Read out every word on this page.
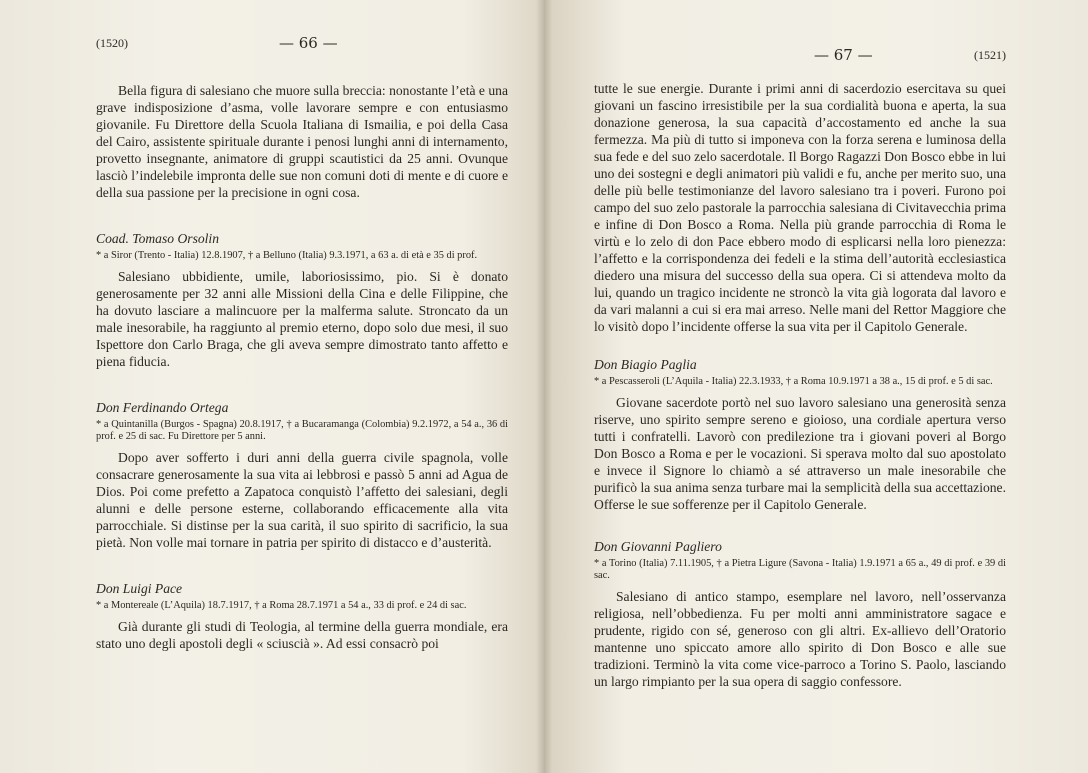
(1520)	— 66 —

Bella figura di salesiano che muore sulla breccia: nonostante l’età e una grave indisposizione d’asma, volle lavorare sempre e con entusiasmo giovanile. Fu Direttore della Scuola Italiana di Ismailia, e poi della Casa del Cairo, assistente spirituale durante i penosi lunghi anni di internamento, provetto insegnante, animatore di gruppi scautistici da 25 anni. Ovunque lasciò l’indelebile impronta delle sue non comuni doti di mente e di cuore e della sua passione per la precisione in ogni cosa.

Coad. Tomaso Orsolin
* a Siror (Trento - Italia) 12.8.1907, † a Belluno (Italia) 9.3.1971, a 63 a. di età e 35 di prof.

Salesiano ubbidiente, umile, laboriosissimo, pio. Si è donato generosamente per 32 anni alle Missioni della Cina e delle Filippine, che ha dovuto lasciare a malincuore per la malferma salute. Stroncato da un male inesorabile, ha raggiunto al premio eterno, dopo solo due mesi, il suo Ispettore don Carlo Braga, che gli aveva sempre dimostrato tanto affetto e piena fiducia.

Don Ferdinando Ortega
* a Quintanilla (Burgos - Spagna) 20.8.1917, † a Bucaramanga (Colombia) 9.2.1972, a 54 a., 36 di prof. e 25 di sac. Fu Direttore per 5 anni.

Dopo aver sofferto i duri anni della guerra civile spagnola, volle consacrare generosamente la sua vita ai lebbrosi e passò 5 anni ad Agua de Dios. Poi come prefetto a Zapatoca conquistò l’affetto dei salesiani, degli alunni e delle persone esterne, collaborando efficacemente alla vita parrocchiale. Si distinse per la sua carità, il suo spirito di sacrificio, la sua pietà. Non volle mai tornare in patria per spirito di distacco e d’austerità.

Don Luigi Pace
* a Montereale (L’Aquila) 18.7.1917, † a Roma 28.7.1971 a 54 a., 33 di prof. e 24 di sac.

Già durante gli studi di Teologia, al termine della guerra mondiale, era stato uno degli apostoli degli « sciuscià ». Ad essi consacrò poi

— 67 —	(1521)

tutte le sue energie. Durante i primi anni di sacerdozio esercitava su quei giovani un fascino irresistibile per la sua cordialità buona e aperta, la sua donazione generosa, la sua capacità d’accostamento ed anche la sua fermezza. Ma più di tutto si imponeva con la forza serena e luminosa della sua fede e del suo zelo sacerdotale. Il Borgo Ragazzi Don Bosco ebbe in lui uno dei sostegni e degli animatori più validi e fu, anche per merito suo, una delle più belle testimonianze del lavoro salesiano tra i poveri. Furono poi campo del suo zelo pastorale la parrocchia salesiana di Civitavecchia prima e infine di Don Bosco a Roma. Nella più grande parrocchia di Roma le virtù e lo zelo di don Pace ebbero modo di esplicarsi nella loro pienezza: l’affetto e la corrispondenza dei fedeli e la stima dell’autorità ecclesiastica diedero una misura del successo della sua opera. Ci si attendeva molto da lui, quando un tragico incidente ne stroncò la vita già logorata dal lavoro e da vari malanni a cui si era mai arreso. Nelle mani del Rettor Maggiore che lo visitò dopo l’incidente offerse la sua vita per il Capitolo Generale.

Don Biagio Paglia
* a Pescasseroli (L’Aquila - Italia) 22.3.1933, † a Roma 10.9.1971 a 38 a., 15 di prof. e 5 di sac.

Giovane sacerdote portò nel suo lavoro salesiano una generosità senza riserve, uno spirito sempre sereno e gioioso, una cordiale apertura verso tutti i confratelli. Lavorò con predilezione tra i giovani poveri al Borgo Don Bosco a Roma e per le vocazioni. Si sperava molto dal suo apostolato e invece il Signore lo chiamò a sé attraverso un male inesorabile che purificò la sua anima senza turbare mai la semplicità della sua accettazione. Offerse le sue sofferenze per il Capitolo Generale.

Don Giovanni Pagliero
* a Torino (Italia) 7.11.1905, † a Pietra Ligure (Savona - Italia) 1.9.1971 a 65 a., 49 di prof. e 39 di sac.

Salesiano di antico stampo, esemplare nel lavoro, nell’osservanza religiosa, nell’obbedienza. Fu per molti anni amministratore sagace e prudente, rigido con sé, generoso con gli altri. Ex-allievo dell’Oratorio mantenne uno spiccato amore allo spirito di Don Bosco e alle sue tradizioni. Terminò la vita come vice-parroco a Torino S. Paolo, lasciando un largo rimpianto per la sua opera di saggio confessore.
